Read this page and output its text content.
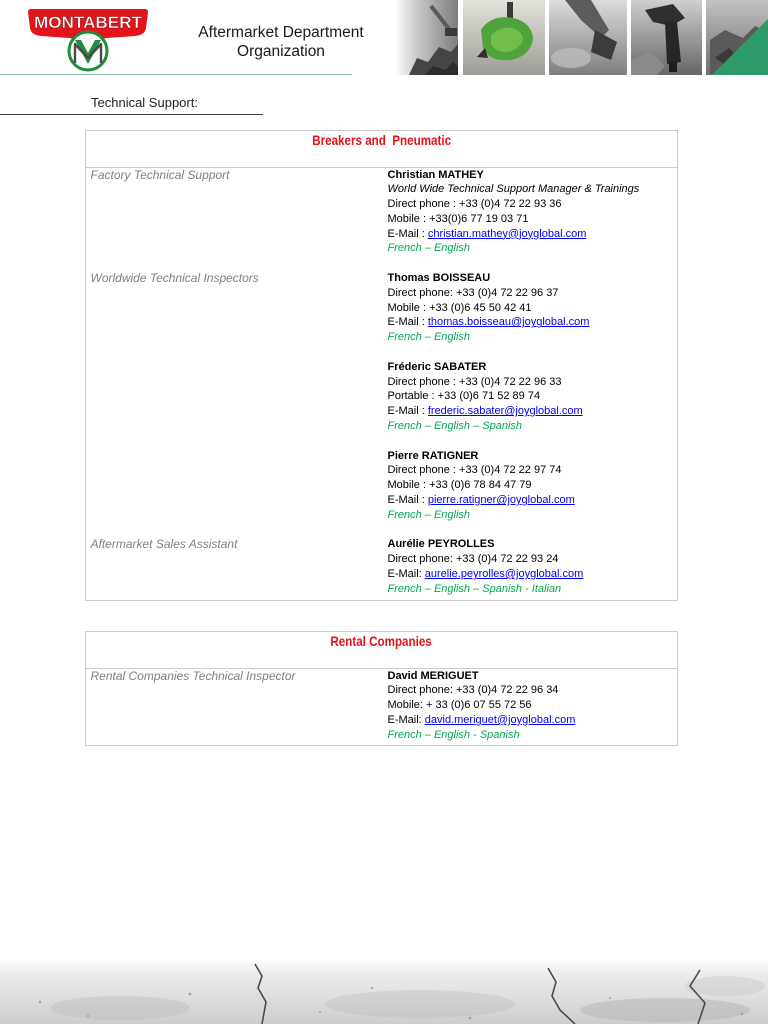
MONTABERT
Aftermarket Department
Organization
Technical Support:
Breakers and  Pneumatic
Factory Technical Support	Christian MATHEY
World Wide Technical Support Manager & Trainings
Direct phone : +33 (0)4 72 22 93 36
Mobile : +33(0)6 77 19 03 71
E-Mail : christian.mathey@joyglobal.com
French – English
Worldwide Technical Inspectors	Thomas BOISSEAU
Direct phone: +33 (0)4 72 22 96 37
Mobile : +33 (0)6 45 50 42 41
E-Mail : thomas.boisseau@joyglobal.com
French – English
Fréderic SABATER
Direct phone : +33 (0)4 72 22 96 33
Portable : +33 (0)6 71 52 89 74
E-Mail : frederic.sabater@joyglobal.com
French – English – Spanish
Pierre RATIGNER
Direct phone : +33 (0)4 72 22 97 74
Mobile : +33 (0)6 78 84 47 79
E-Mail : pierre.ratigner@joyglobal.com
French – English
Aftermarket Sales Assistant	Aurélie PEYROLLES
Direct phone: +33 (0)4 72 22 93 24
E-Mail: aurelie.peyrolles@joyglobal.com
French – English – Spanish - Italian
Rental Companies
Rental Companies Technical Inspector	David MERIGUET
Direct phone: +33 (0)4 72 22 96 34
Mobile: + 33 (0)6 07 55 72 56
E-Mail: david.meriguet@joyglobal.com
French – English - Spanish
